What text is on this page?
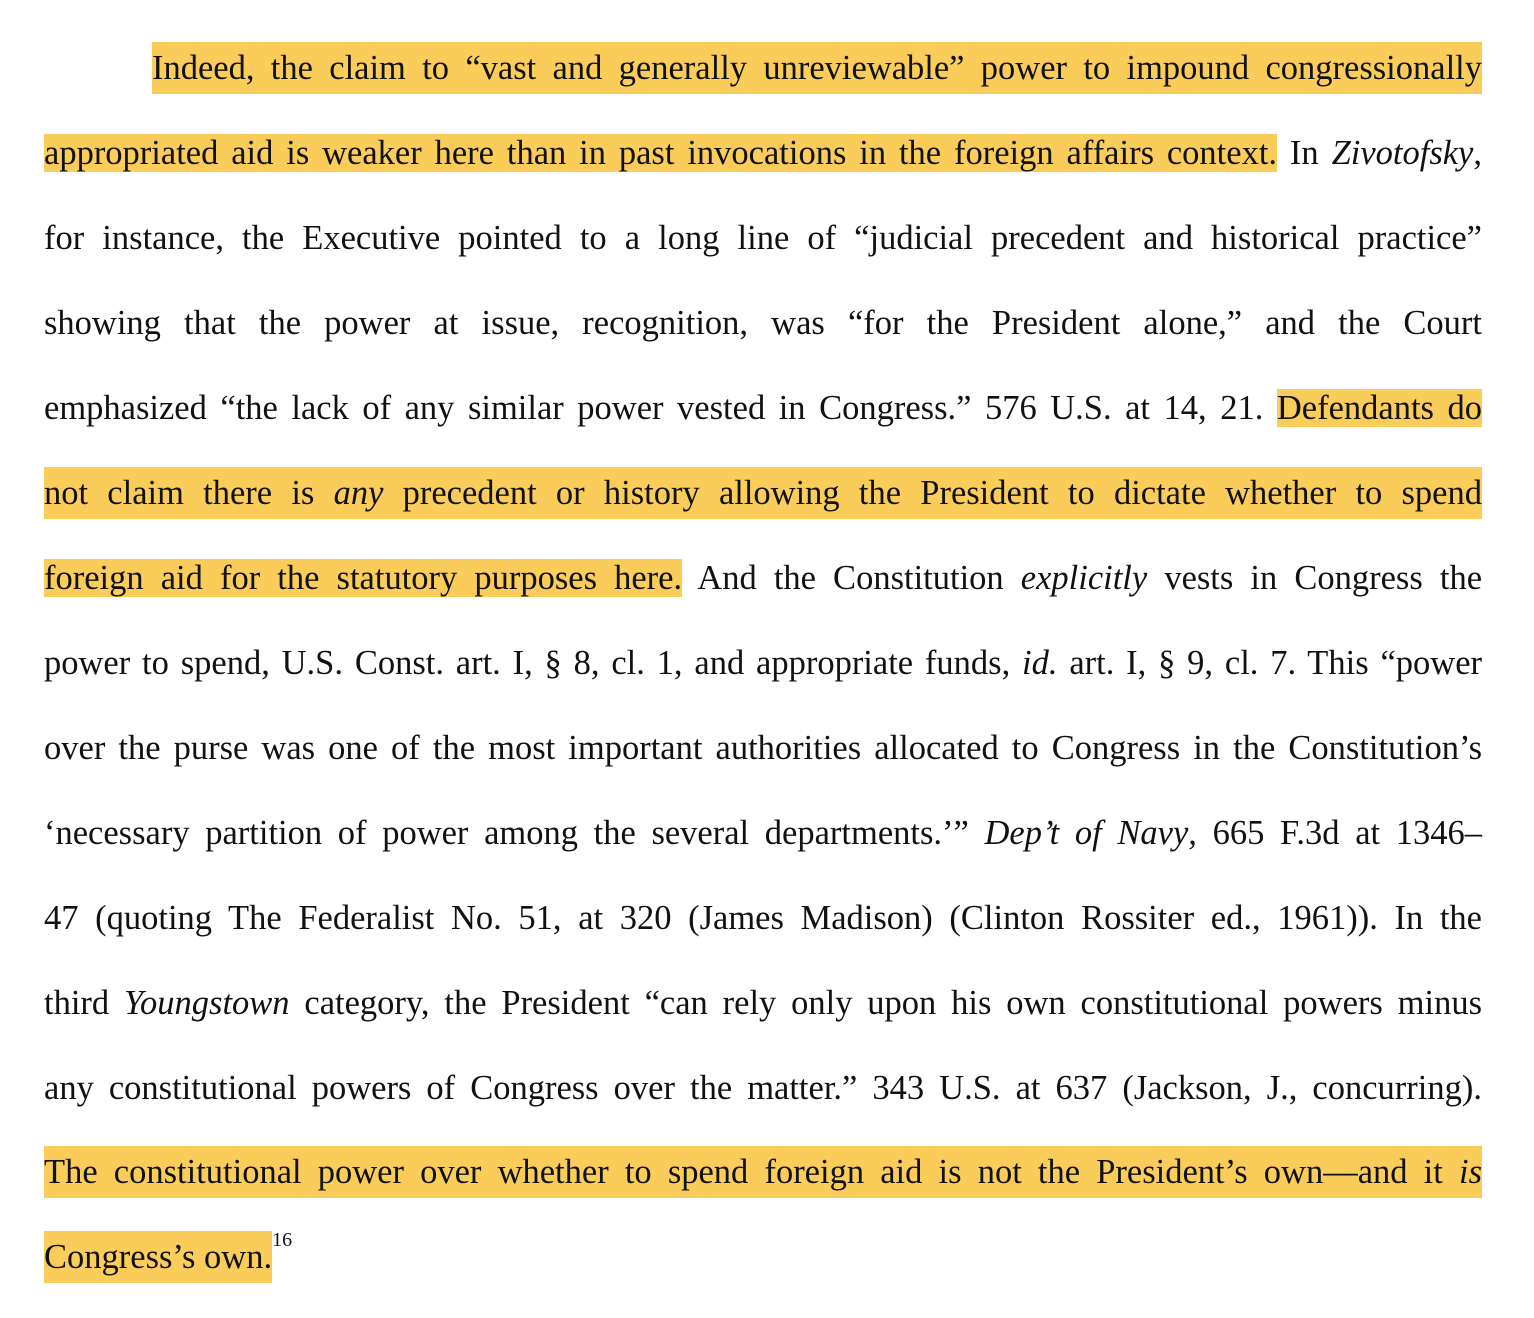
Indeed, the claim to “vast and generally unreviewable” power to impound congressionally
appropriated aid is weaker here than in past invocations in the foreign affairs context. In Zivotofsky,
for instance, the Executive pointed to a long line of “judicial precedent and historical practice”
showing that the power at issue, recognition, was “for the President alone,” and the Court
emphasized “the lack of any similar power vested in Congress.” 576 U.S. at 14, 21. Defendants do
not claim there is any precedent or history allowing the President to dictate whether to spend
foreign aid for the statutory purposes here. And the Constitution explicitly vests in Congress the
power to spend, U.S. Const. art. I, § 8, cl. 1, and appropriate funds, id. art. I, § 9, cl. 7. This “power
over the purse was one of the most important authorities allocated to Congress in the Constitution’s
‘necessary partition of power among the several departments.’” Dep’t of Navy, 665 F.3d at 1346–
47 (quoting The Federalist No. 51, at 320 (James Madison) (Clinton Rossiter ed., 1961)). In the
third Youngstown category, the President “can rely only upon his own constitutional powers minus
any constitutional powers of Congress over the matter.” 343 U.S. at 637 (Jackson, J., concurring).
The constitutional power over whether to spend foreign aid is not the President’s own—and it is
Congress’s own.$^{16}$
